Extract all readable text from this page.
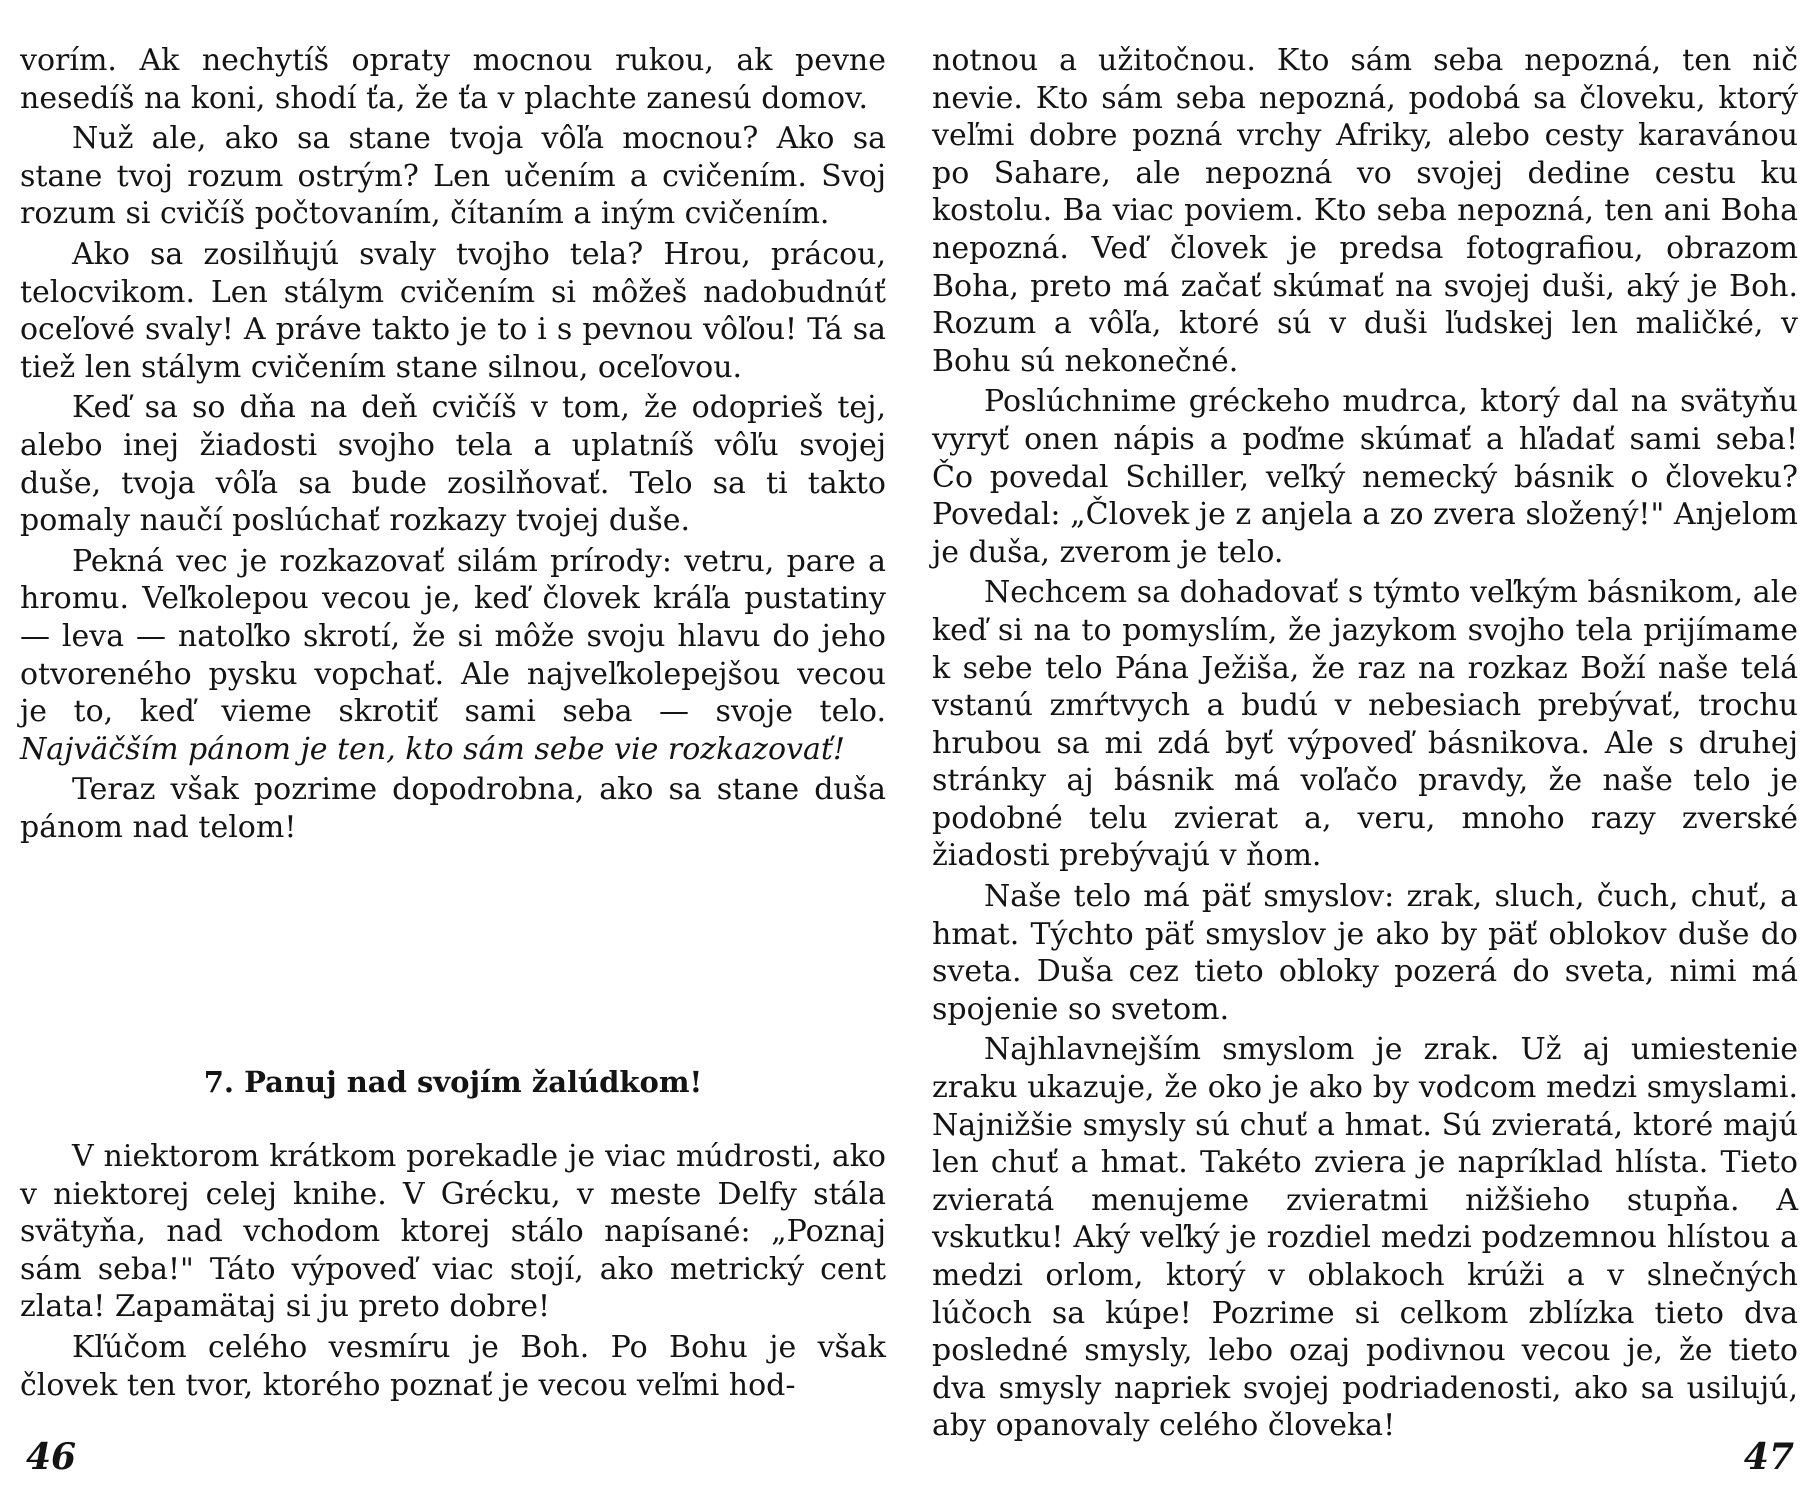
vorím. Ak nechytíš opraty mocnou rukou, ak pevne nesedíš na koni, shodí ťa, že ťa v plachte zanesú domov.

Nuž ale, ako sa stane tvoja vôľa mocnou? Ako sa stane tvoj rozum ostrým? Len učením a cvičením. Svoj rozum si cvičíš počtovaním, čítaním a iným cvičením.

Ako sa zosilňujú svaly tvojho tela? Hrou, prácou, telocvikom. Len stálym cvičením si môžeš nadobudnúť oceľové svaly! A práve takto je to i s pevnou vôľou! Tá sa tiež len stálym cvičením stane silnou, oceľovou.

Keď sa so dňa na deň cvičíš v tom, že odoprieš tej, alebo inej žiadosti svojho tela a uplatníš vôľu svojej duše, tvoja vôľa sa bude zosilňovať. Telo sa ti takto pomaly naučí poslúchať rozkazy tvojej duše.

Pekná vec je rozkazovať silám prírody: vetru, pare a hromu. Veľkolepou vecou je, keď človek kráľa pustatiny — leva — natoľko skrotí, že si môže svoju hlavu do jeho otvoreného pysku vopchať. Ale najveľkolepejšou vecou je to, keď vieme skrotiť sami seba — svoje telo. Najväčším pánom je ten, kto sám sebe vie rozkazovať!

Teraz však pozrime dopodrobna, ako sa stane duša pánom nad telom!

7. Panuj nad svojím žalúdkom!

V niektorom krátkom porekadle je viac múdrosti, ako v niektorej celej knihe. V Grécku, v meste Delfy stála svätyňa, nad vchodom ktorej stálo napísané: „Poznaj sám seba!" Táto výpoveď viac stojí, ako metrický cent zlata! Zapamätaj si ju preto dobre!

Kľúčom celého vesmíru je Boh. Po Bohu je však človek ten tvor, ktorého poznať je vecou veľmi hod-

46

notnou a užitočnou. Kto sám seba nepozná, ten nič nevie. Kto sám seba nepozná, podobá sa človeku, ktorý veľmi dobre pozná vrchy Afriky, alebo cesty karavánou po Sahare, ale nepozná vo svojej dedine cestu ku kostolu. Ba viac poviem. Kto seba nepozná, ten ani Boha nepozná. Veď človek je predsa fotografiou, obrazom Boha, preto má začať skúmať na svojej duši, aký je Boh. Rozum a vôľa, ktoré sú v duši ľudskej len maličké, v Bohu sú nekonečné.

Poslúchnime gréckeho mudrca, ktorý dal na svätyňu vyryť onen nápis a poďme skúmať a hľadať sami seba! Čo povedal Schiller, veľký nemecký básnik o človeku? Povedal: „Človek je z anjela a zo zvera složený!" Anjelom je duša, zverom je telo.

Nechcem sa dohadovať s týmto veľkým básnikom, ale keď si na to pomyslím, že jazykom svojho tela prijímame k sebe telo Pána Ježiša, že raz na rozkaz Boží naše telá vstanú zmŕtvych a budú v nebesiach prebývať, trochu hrubou sa mi zdá byť výpoveď básnikova. Ale s druhej stránky aj básnik má voľačo pravdy, že naše telo je podobné telu zvierat a, veru, mnoho razy zverské žiadosti prebývajú v ňom.

Naše telo má päť smyslov: zrak, sluch, čuch, chuť, a hmat. Týchto päť smyslov je ako by päť oblokov duše do sveta. Duša cez tieto obloky pozerá do sveta, nimi má spojenie so svetom.

Najhlavnejším smyslom je zrak. Už aj umiestenie zraku ukazuje, že oko je ako by vodcom medzi smyslami. Najnižšie smysly sú chuť a hmat. Sú zvieratá, ktoré majú len chuť a hmat. Takéto zviera je napríklad hlísta. Tieto zvieratá menujeme zvieratmi nižšieho stupňa. A vskutku! Aký veľký je rozdiel medzi podzemnou hlístou a medzi orlom, ktorý v oblakoch krúži a v slnečných lúčoch sa kúpe! Pozrime si celkom zblízka tieto dva posledné smysly, lebo ozaj podivnou vecou je, že tieto dva smysly napriek svojej podriadenosti, ako sa usilujú, aby opanovaly celého človeka!

47
